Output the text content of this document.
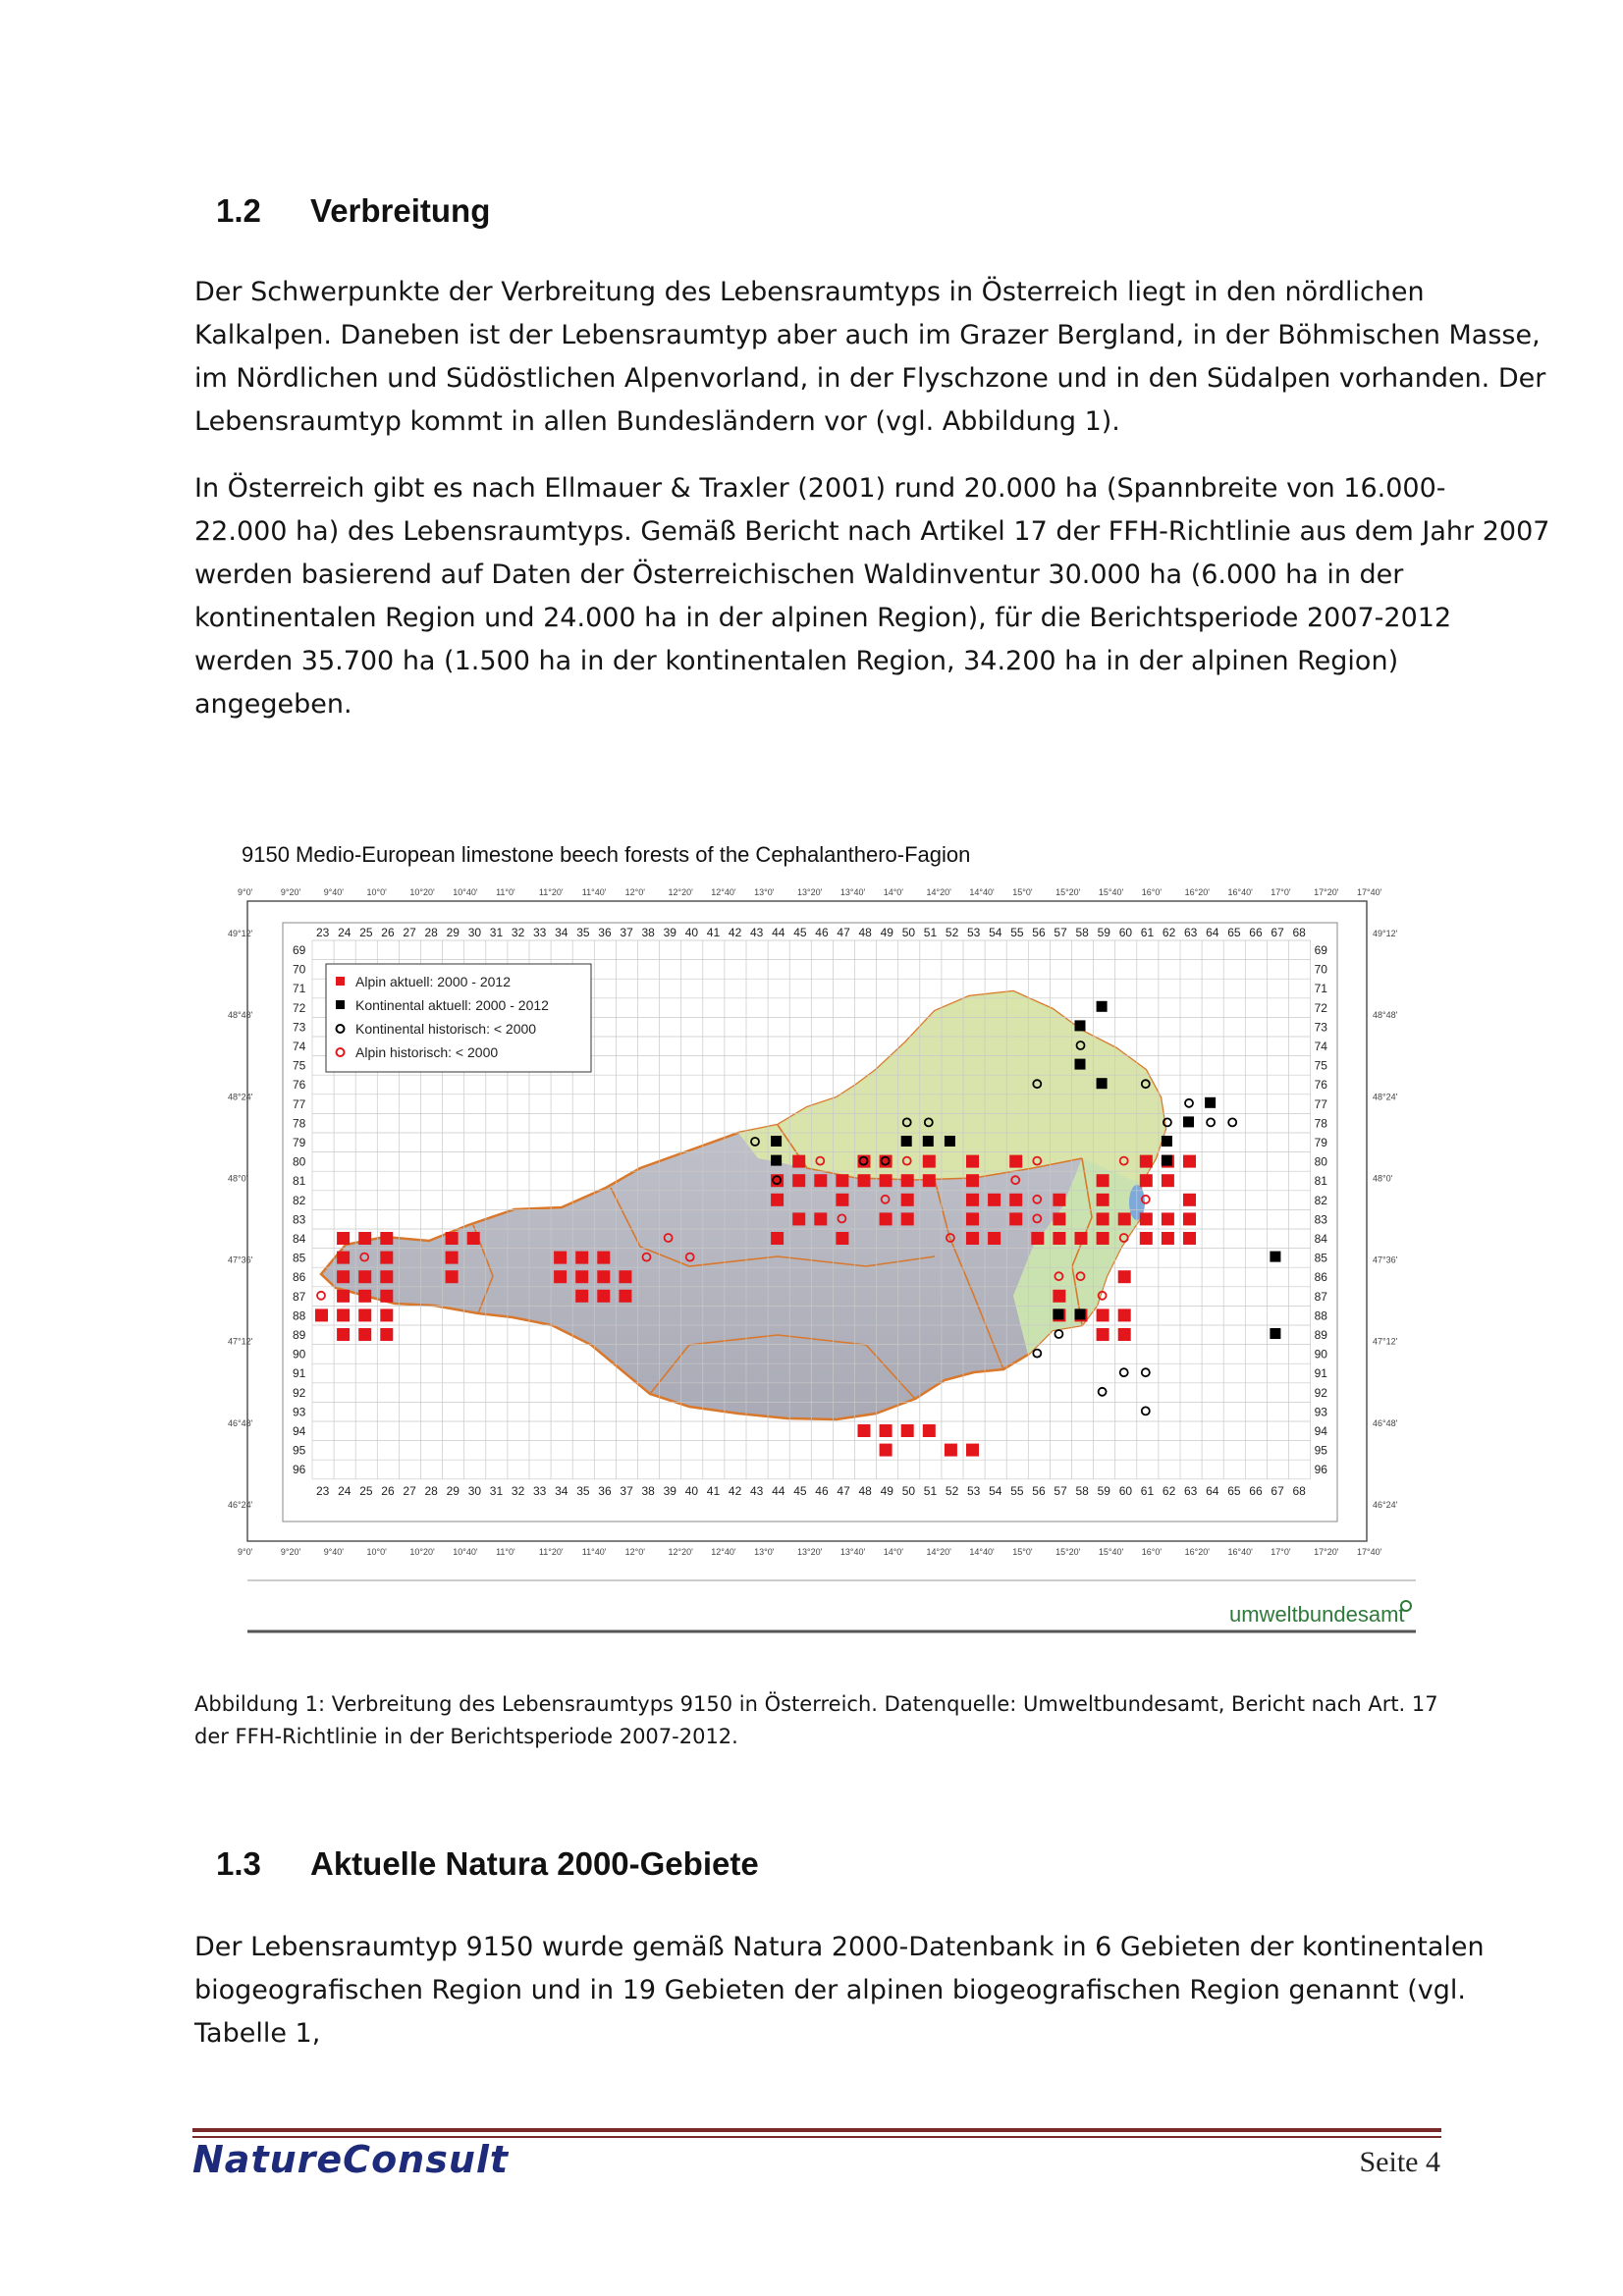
1.2 Verbreitung
Der Schwerpunkte der Verbreitung des Lebensraumtyps in Österreich liegt in den nördlichen
Kalkalpen. Daneben ist der Lebensraumtyp aber auch im Grazer Bergland, in der Böhmischen Masse,
im Nördlichen und Südöstlichen Alpenvorland, in der Flyschzone und in den Südalpen vorhanden. Der
Lebensraumtyp kommt in allen Bundesländern vor (vgl. Abbildung 1).
In Österreich gibt es nach Ellmauer & Traxler (2001) rund 20.000 ha (Spannbreite von 16.000-
22.000 ha) des Lebensraumtyps. Gemäß Bericht nach Artikel 17 der FFH-Richtlinie aus dem Jahr 2007
werden basierend auf Daten der Österreichischen Waldinventur 30.000 ha (6.000 ha in der
kontinentalen Region und 24.000 ha in der alpinen Region), für die Berichtsperiode 2007-2012
werden 35.700 ha (1.500 ha in der kontinentalen Region, 34.200 ha in der alpinen Region)
angegeben.
9150 Medio-European limestone beech forests of the Cephalanthero-Fagion
9°0'	9°20'	9°40'	10°0'	10°20' 10°40' 11°0'	11°20' 11°40' 12°0'	12°20' 12°40' 13°0'	13°20' 13°40' 14°0'	14°20' 14°40' 15°0'	15°20' 15°40' 16°0'	16°20' 16°40' 17°0'	17°20' 17°40'
9°0'	9°20'	9°40'	10°0'	10°20' 10°40' 11°0'	11°20' 11°40' 12°0'	12°20' 12°40' 13°0'	13°20' 13°40' 14°0'	14°20' 14°40' 15°0'	15°20' 15°40' 16°0'	16°20' 16°40' 17°0'	17°20' 17°40'
49°12'
48°48'
48°24'
48°0'
47°36'
47°12'
46°48'
46°24'
49°12'
48°48'
48°24'
48°0'
47°36'
47°12'
46°48'
46°24'
23 24 25 26 27 28 29 30 31 32 33 34 35 36 37 38 39 40 41 42 43 44 45 46 47 48 49 50 51 52 53 54 55 56 57 58 59 60 61 62 63 64 65 66 67 68
23 24 25 26 27 28 29 30 31 32 33 34 35 36 37 38 39 40 41 42 43 44 45 46 47 48 49 50 51 52 53 54 55 56 57 58 59 60 61 62 63 64 65 66 67 68
69
70
71
72
73
74
75
76
77
78
79
80
81
82
83
84
85
86
87
88
89
90
91
92
93
94
95
96
69
70
71
72
73
74
75
76
77
78
79
80
81
82
83
84
85
86
87
88
89
90
91
92
93
94
95
96
Alpin aktuell: 2000 - 2012
Kontinental aktuell: 2000 - 2012
Kontinental historisch: < 2000
Alpin historisch: < 2000
umweltbundesamt
Abbildung 1: Verbreitung des Lebensraumtyps 9150 in Österreich. Datenquelle: Umweltbundesamt, Bericht nach Art. 17
der FFH-Richtlinie in der Berichtsperiode 2007-2012.
1.3 Aktuelle Natura 2000-Gebiete
Der Lebensraumtyp 9150 wurde gemäß Natura 2000-Datenbank in 6 Gebieten der kontinentalen
biogeografischen Region und in 19 Gebieten der alpinen biogeografischen Region genannt (vgl.
Tabelle 1,
NatureConsult	Seite 4
